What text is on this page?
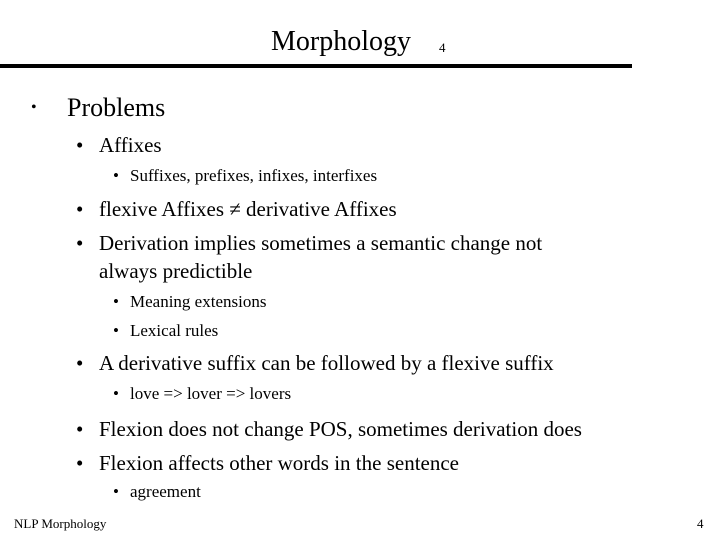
Morphology 4
• Problems
• Affixes
• Suffixes, prefixes, infixes, interfixes
• flexive Affixes ≠ derivative Affixes
• Derivation implies sometimes a semantic change not
always predictible
• Meaning extensions
• Lexical rules
• A derivative suffix can be followed by a flexive suffix
• love => lover => lovers
• Flexion does not change POS, sometimes derivation does
• Flexion affects other words in the sentence
• agreement
NLP Morphology	4
